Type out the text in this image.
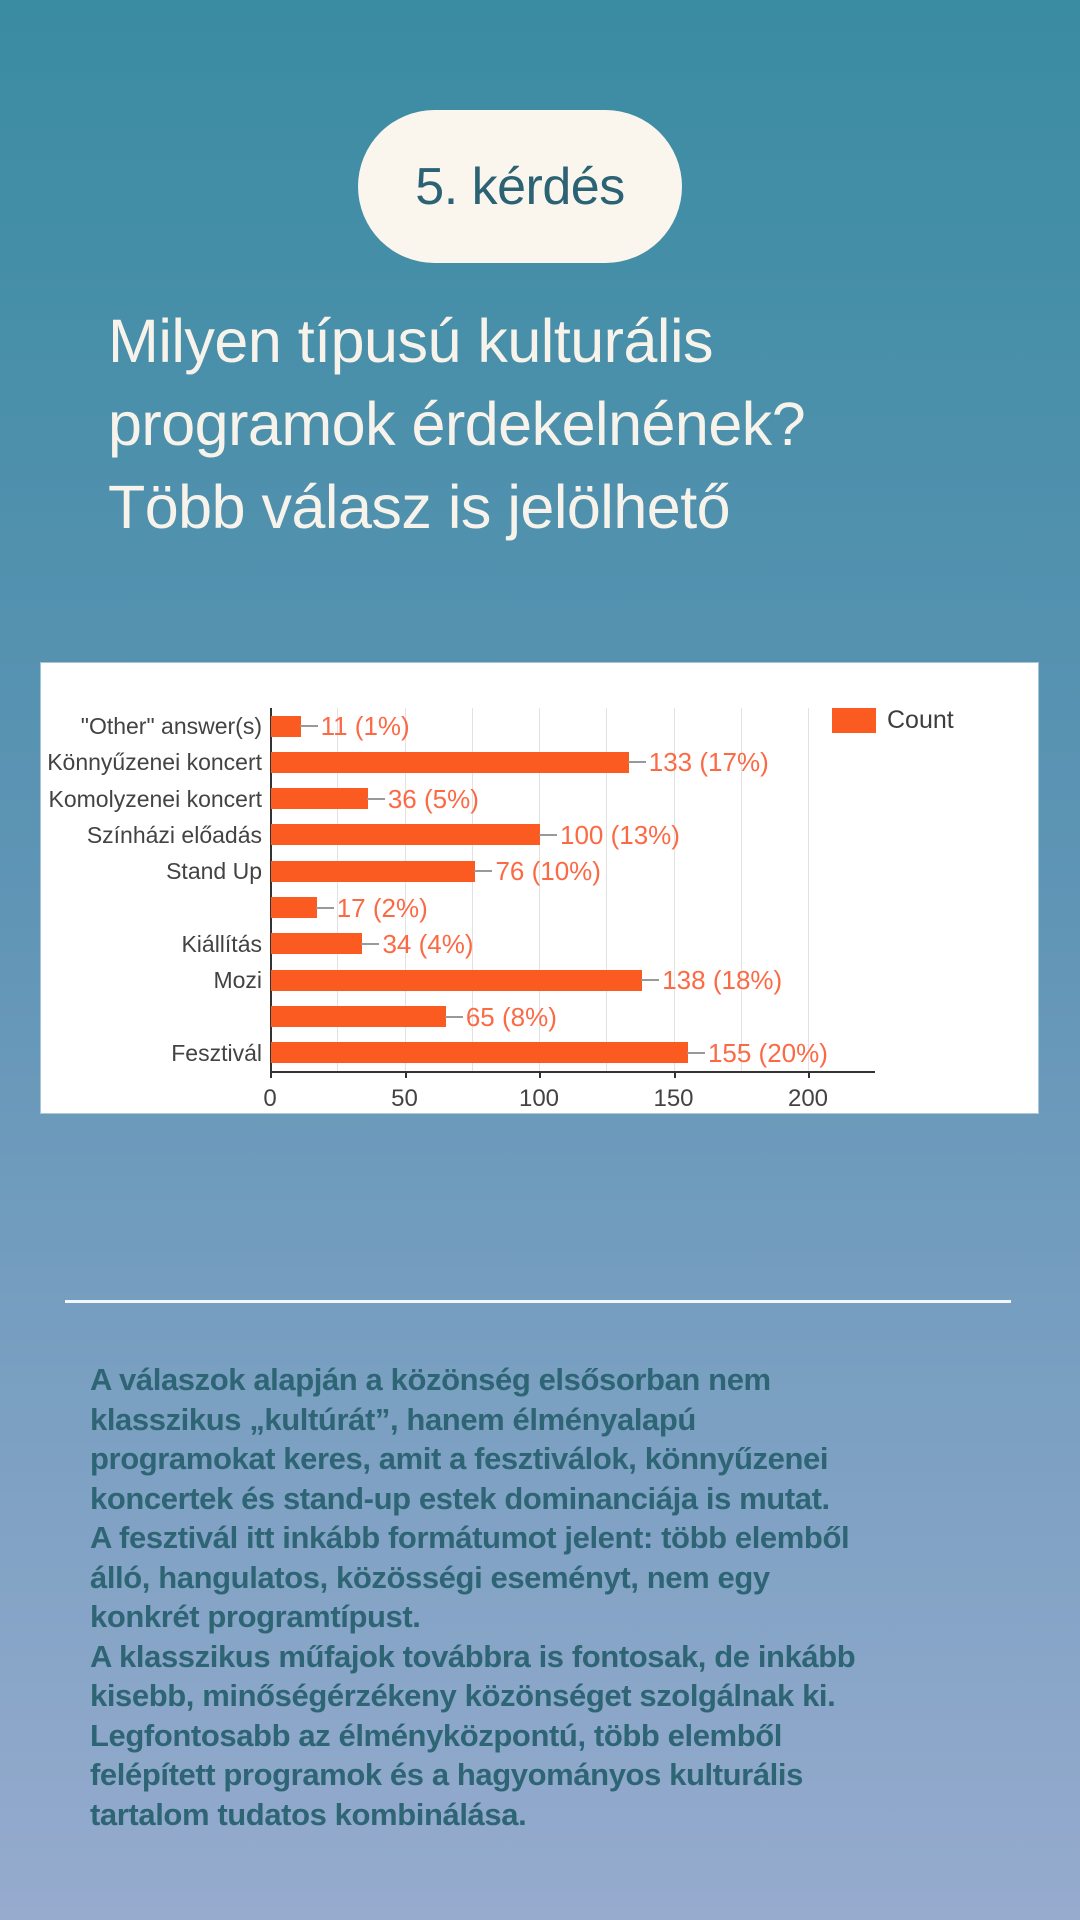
5. kérdés
Milyen típusú kulturális
programok érdekelnének?
Több válasz is jelölhető
0	50	100	150	200
"Other" answer(s) 11 (1%)
Könnyűzenei koncert	133 (17%)
Komolyzenei koncert	36 (5%)
Színházi előadás	100 (13%)
Stand Up	76 (10%)
17 (2%)
Kiállítás	34 (4%)
Mozi	138 (18%)
65 (8%)
Fesztivál	155 (20%)
Count
A válaszok alapján a közönség elsősorban nem
klasszikus „kultúrát”, hanem élményalapú
programokat keres, amit a fesztiválok, könnyűzenei
koncertek és stand-up estek dominanciája is mutat.
A fesztivál itt inkább formátumot jelent: több elemből
álló, hangulatos, közösségi eseményt, nem egy
konkrét programtípust.
A klasszikus műfajok továbbra is fontosak, de inkább
kisebb, minőségérzékeny közönséget szolgálnak ki.
Legfontosabb az élményközpontú, több elemből
felépített programok és a hagyományos kulturális
tartalom tudatos kombinálása.
